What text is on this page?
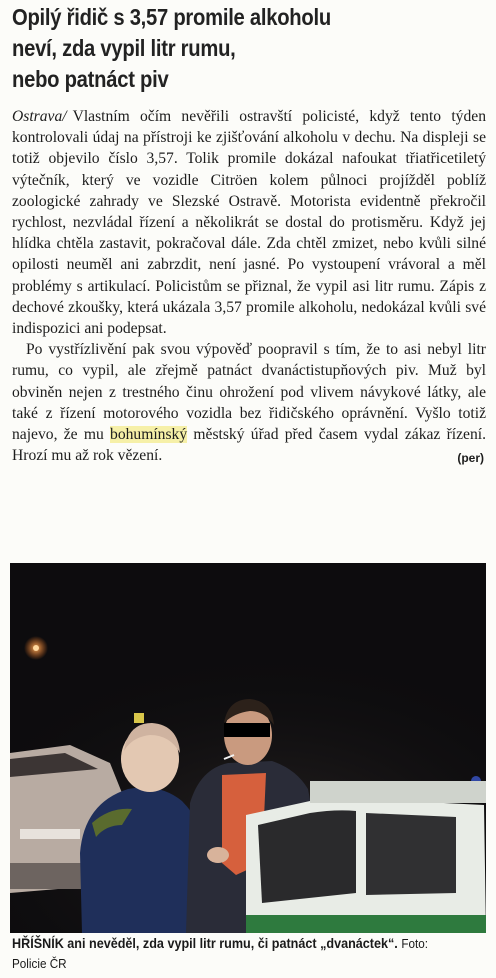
Opilý řidič s 3,57 promile alkoholu
neví, zda vypil litr rumu,
nebo patnáct piv

Ostrava/ Vlastním očím nevěřili ostravští policisté, když tento týden kontrolovali údaj na přístroji ke zjišťování alkoholu v dechu. Na displeji se totiž objevilo číslo 3,57. Tolik promile dokázal nafoukat třiatřicetiletý výtečník, který ve vozidle Citröen kolem půlnoci projížděl poblíž zoologické zahrady ve Slezské Ostravě. Motorista evidentně překročil rychlost, nezvládal řízení a několikrát se dostal do protisměru. Když jej hlídka chtěla zastavit, pokračoval dále. Zda chtěl zmizet, nebo kvůli silné opilosti neuměl ani zabrzdit, není jasné. Po vystoupení vrávoral a měl problémy s artikulací. Policistům se přiznal, že vypil asi litr rumu. Zápis z dechové zkoušky, která ukázala 3,57 promile alkoholu, nedokázal kvůli své indispozici ani podepsat.

Po vystřízlivění pak svou výpověď poopravil s tím, že to asi nebyl litr rumu, co vypil, ale zřejmě patnáct dvanáctistupňových piv. Muž byl obviněn nejen z trestného činu ohrožení pod vlivem návykové látky, ale také z řízení motorového vozidla bez řidičského oprávnění. Vyšlo totiž najevo, že mu bohumínský městský úřad před časem vydal zákaz řízení. Hrozí mu až rok vězení.	(per)
HŘÍŠNÍK ani nevěděl, zda vypil litr rumu, či patnáct „dvanáctek“. Foto: Policie ČR
